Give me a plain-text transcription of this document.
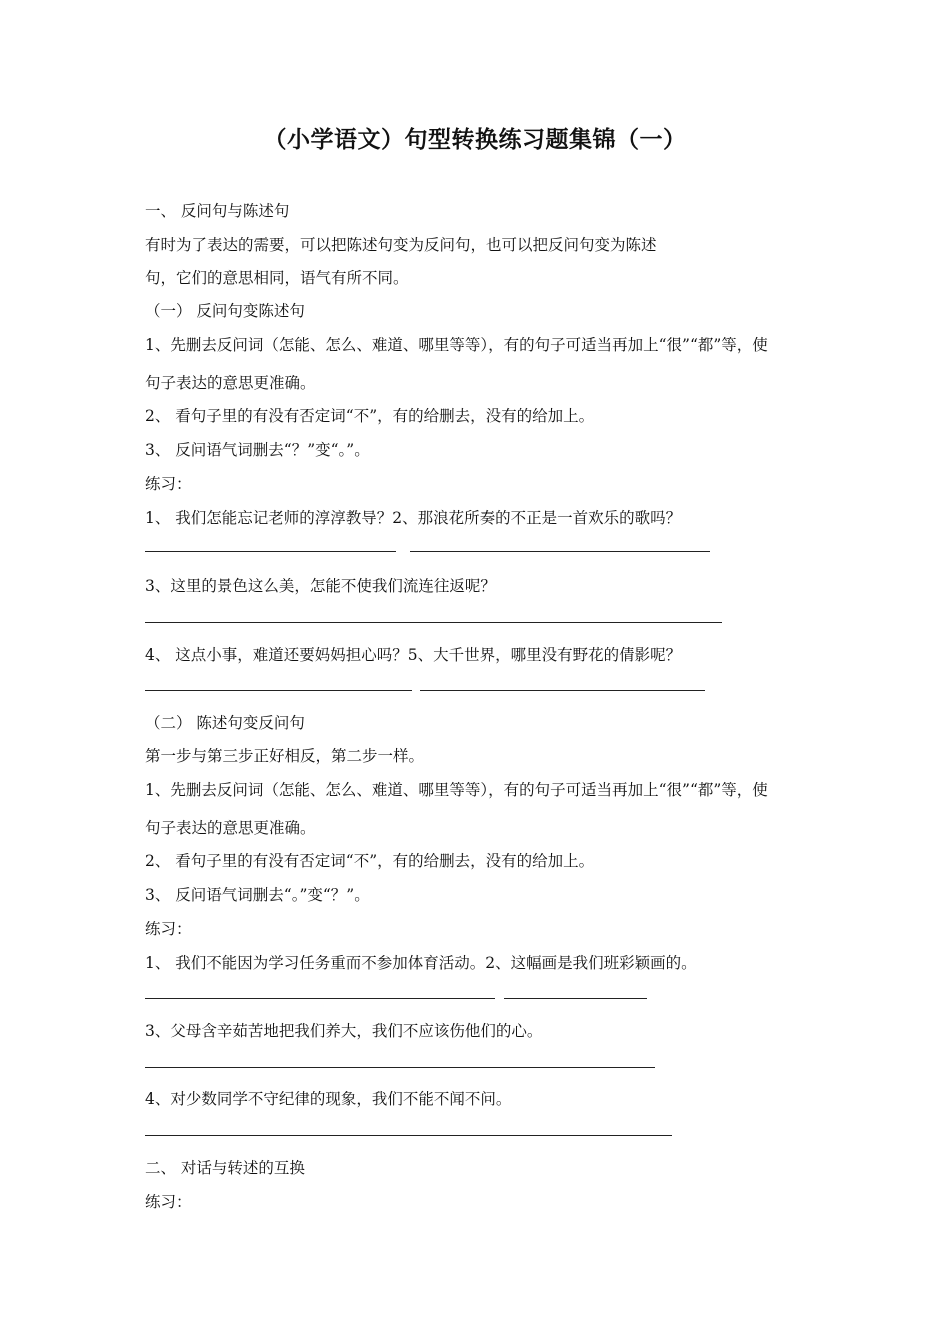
（小学语文）句型转换练习题集锦（一）
一、 反问句与陈述句
有时为了表达的需要，可以把陈述句变为反问句，也可以把反问句变为陈述
句，它们的意思相同，语气有所不同。
（一） 反问句变陈述句
1、先删去反问词（怎能、怎么、难道、哪里等等），有的句子可适当再加上“很”“都”等，使
句子表达的意思更准确。
2、 看句子里的有没有否定词“不”，有的给删去，没有的给加上。
3、 反问语气词删去“？”变“。”。
练习：
1、 我们怎能忘记老师的淳淳教导？2、那浪花所奏的不正是一首欢乐的歌吗？
3、这里的景色这么美，怎能不使我们流连往返呢？
4、 这点小事，难道还要妈妈担心吗？5、大千世界，哪里没有野花的倩影呢？
（二） 陈述句变反问句
第一步与第三步正好相反，第二步一样。
1、先删去反问词（怎能、怎么、难道、哪里等等），有的句子可适当再加上“很”“都”等，使
句子表达的意思更准确。
2、 看句子里的有没有否定词“不”，有的给删去，没有的给加上。
3、 反问语气词删去“。”变“？”。
练习：
1、 我们不能因为学习任务重而不参加体育活动。2、这幅画是我们班彩颖画的。
3、父母含辛茹苦地把我们养大，我们不应该伤他们的心。
4、对少数同学不守纪律的现象，我们不能不闻不问。
二、 对话与转述的互换
练习：
